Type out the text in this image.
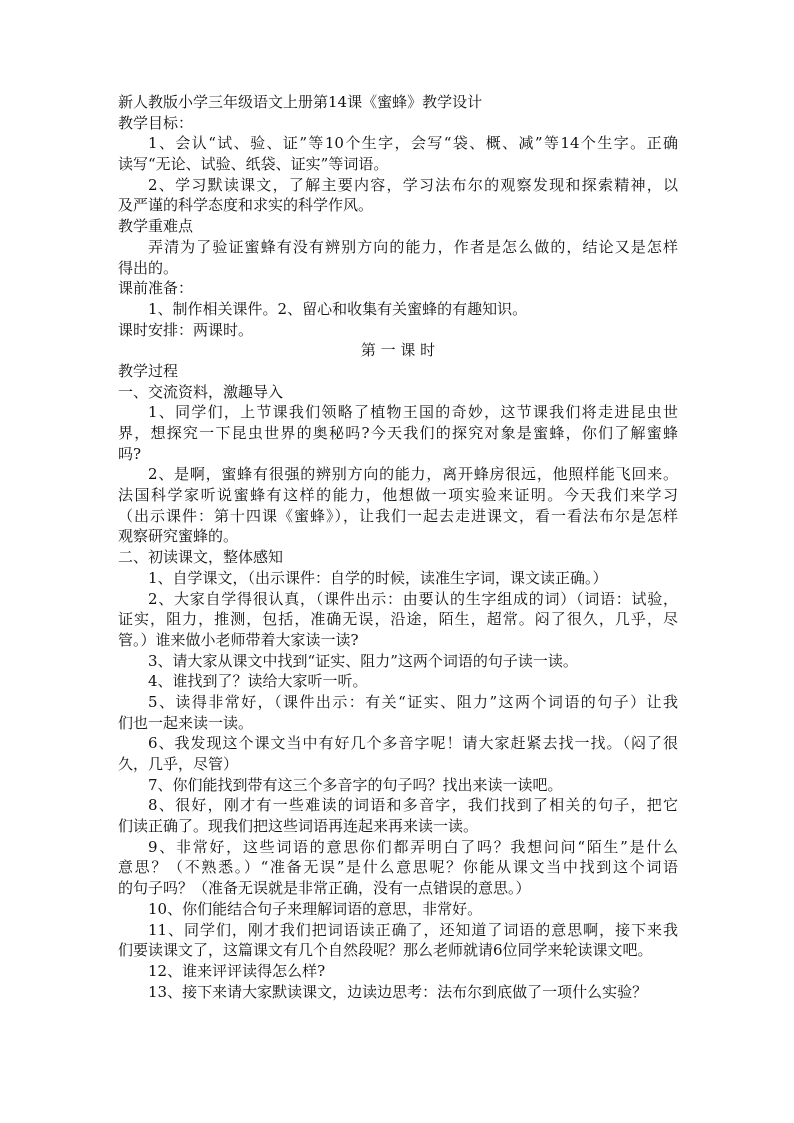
新人教版小学三年级语文上册第14课《蜜蜂》教学设计
教学目标：
1、会认“试、验、证”等10个生字，会写“袋、概、减”等14个生字。正确
读写“无论、试验、纸袋、证实”等词语。
2、学习默读课文，了解主要内容，学习法布尔的观察发现和探索精神，以
及严谨的科学态度和求实的科学作风。
教学重难点
弄清为了验证蜜蜂有没有辨别方向的能力，作者是怎么做的，结论又是怎样
得出的。
课前准备：
1、制作相关课件。2、留心和收集有关蜜蜂的有趣知识。
课时安排：两课时。
第 一 课 时
教学过程
一、交流资料，激趣导入
1、同学们，上节课我们领略了植物王国的奇妙，这节课我们将走进昆虫世
界，想探究一下昆虫世界的奥秘吗?今天我们的探究对象是蜜蜂，你们了解蜜蜂
吗?
2、是啊，蜜蜂有很强的辨别方向的能力，离开蜂房很远，他照样能飞回来。
法国科学家听说蜜蜂有这样的能力，他想做一项实验来证明。今天我们来学习
（出示课件：第十四课《蜜蜂》），让我们一起去走进课文，看一看法布尔是怎样
观察研究蜜蜂的。
二、初读课文，整体感知
1、自学课文，（出示课件：自学的时候，读准生字词，课文读正确。）
2、大家自学得很认真，（课件出示：由要认的生字组成的词）（词语：试验，
证实，阻力，推测，包括，准确无误，沿途，陌生，超常。闷了很久，几乎，尽
管。）谁来做小老师带着大家读一读?
3、请大家从课文中找到“证实、阻力”这两个词语的句子读一读。
4、谁找到了？读给大家听一听。
5、读得非常好，（课件出示：有关“证实、阻力”这两个词语的句子）让我
们也一起来读一读。
6、我发现这个课文当中有好几个多音字呢！请大家赶紧去找一找。（闷了很
久，几乎，尽管）
7、你们能找到带有这三个多音字的句子吗？找出来读一读吧。
8、很好，刚才有一些难读的词语和多音字，我们找到了相关的句子，把它
们读正确了。现我们把这些词语再连起来再来读一读。
9、非常好，这些词语的意思你们都弄明白了吗？我想问问“陌生”是什么
意思？（不熟悉。）“准备无误”是什么意思呢？你能从课文当中找到这个词语
的句子吗？（准备无误就是非常正确，没有一点错误的意思。）
10、你们能结合句子来理解词语的意思，非常好。
11、同学们，刚才我们把词语读正确了，还知道了词语的意思啊，接下来我
们要读课文了，这篇课文有几个自然段呢？那么老师就请6位同学来轮读课文吧。
12、谁来评评读得怎么样?
13、接下来请大家默读课文，边读边思考：法布尔到底做了一项什么实验？
